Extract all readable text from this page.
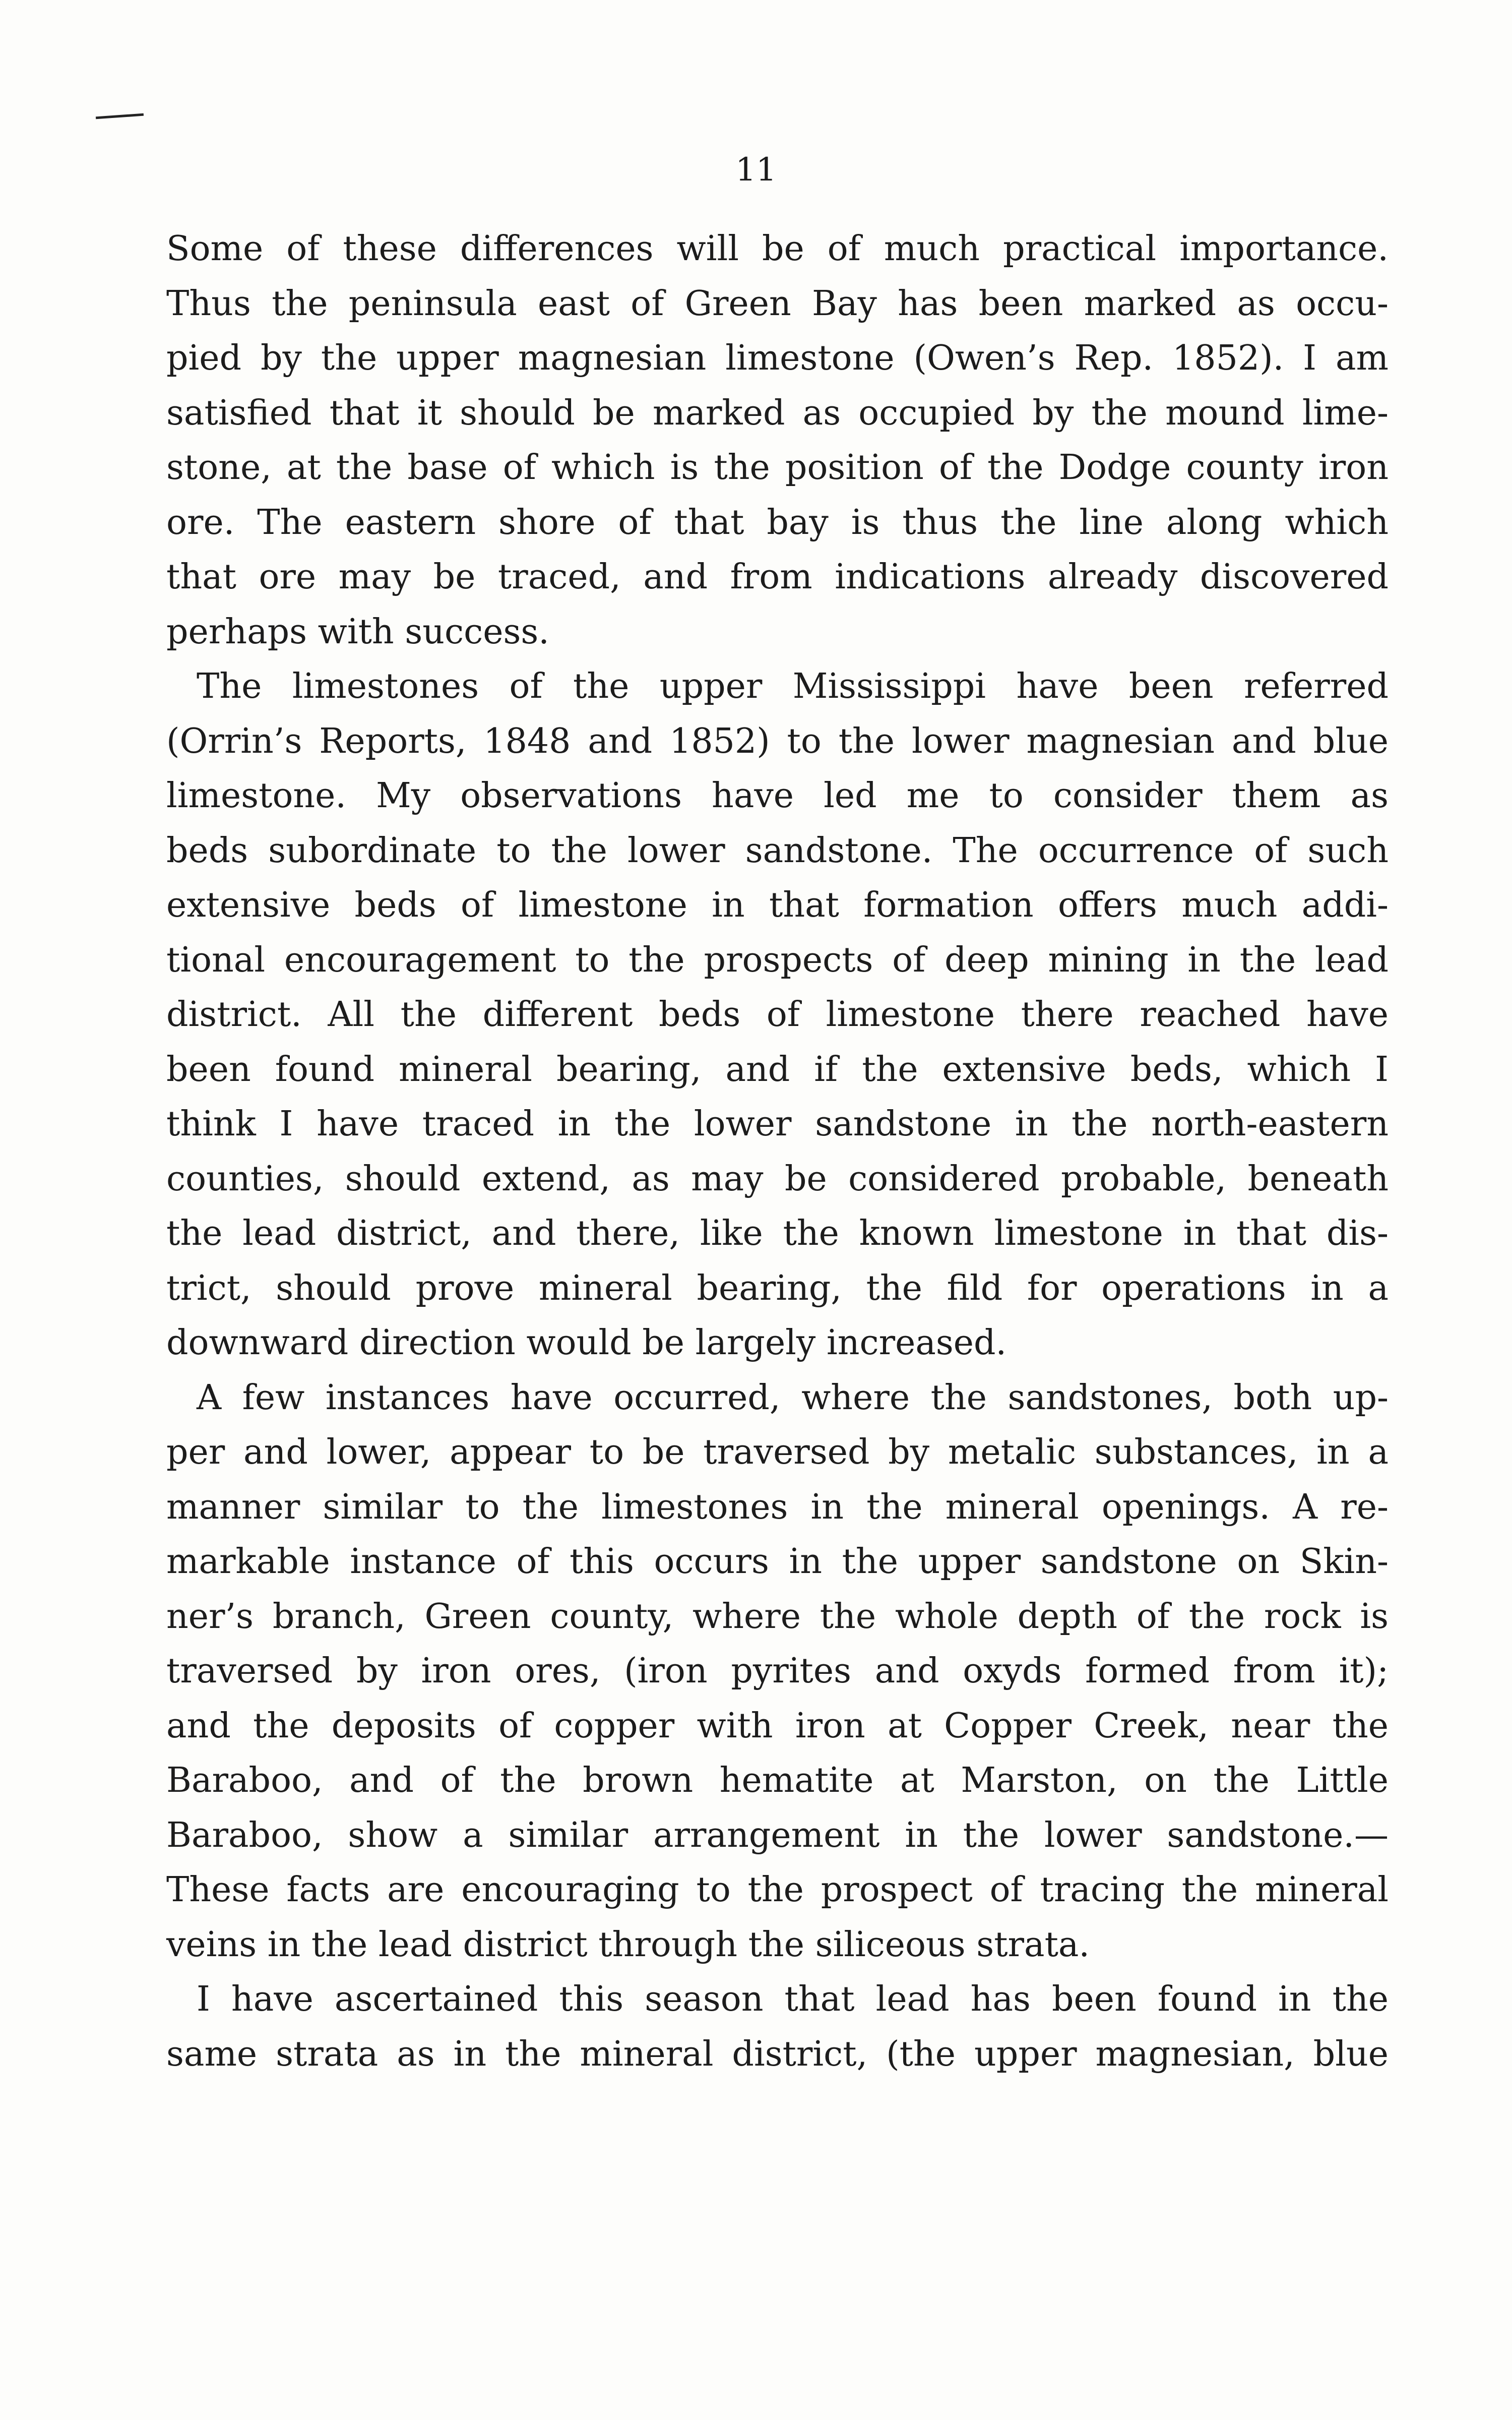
11
Some of these differences will be of much practical importance.
Thus the peninsula east of Green Bay has been marked as occu-
pied by the upper magnesian limestone (Owen’s Rep. 1852). I am
satisfied that it should be marked as occupied by the mound lime-
stone, at the base of which is the position of the Dodge county iron
ore. The eastern shore of that bay is thus the line along which
that ore may be traced, and from indications already discovered
perhaps with success.
The limestones of the upper Mississippi have been referred
(Orrin’s Reports, 1848 and 1852) to the lower magnesian and blue
limestone. My observations have led me to consider them as
beds subordinate to the lower sandstone. The occurrence of such
extensive beds of limestone in that formation offers much addi-
tional encouragement to the prospects of deep mining in the lead
district. All the different beds of limestone there reached have
been found mineral bearing, and if the extensive beds, which I
think I have traced in the lower sandstone in the north-eastern
counties, should extend, as may be considered probable, beneath
the lead district, and there, like the known limestone in that dis-
trict, should prove mineral bearing, the fild for operations in a
downward direction would be largely increased.
A few instances have occurred, where the sandstones, both up-
per and lower, appear to be traversed by metalic substances, in a
manner similar to the limestones in the mineral openings. A re-
markable instance of this occurs in the upper sandstone on Skin-
ner’s branch, Green county, where the whole depth of the rock is
traversed by iron ores, (iron pyrites and oxyds formed from it);
and the deposits of copper with iron at Copper Creek, near the
Baraboo, and of the brown hematite at Marston, on the Little
Baraboo, show a similar arrangement in the lower sandstone.—
These facts are encouraging to the prospect of tracing the mineral
veins in the lead district through the siliceous strata.
I have ascertained this season that lead has been found in the
same strata as in the mineral district, (the upper magnesian, blue
